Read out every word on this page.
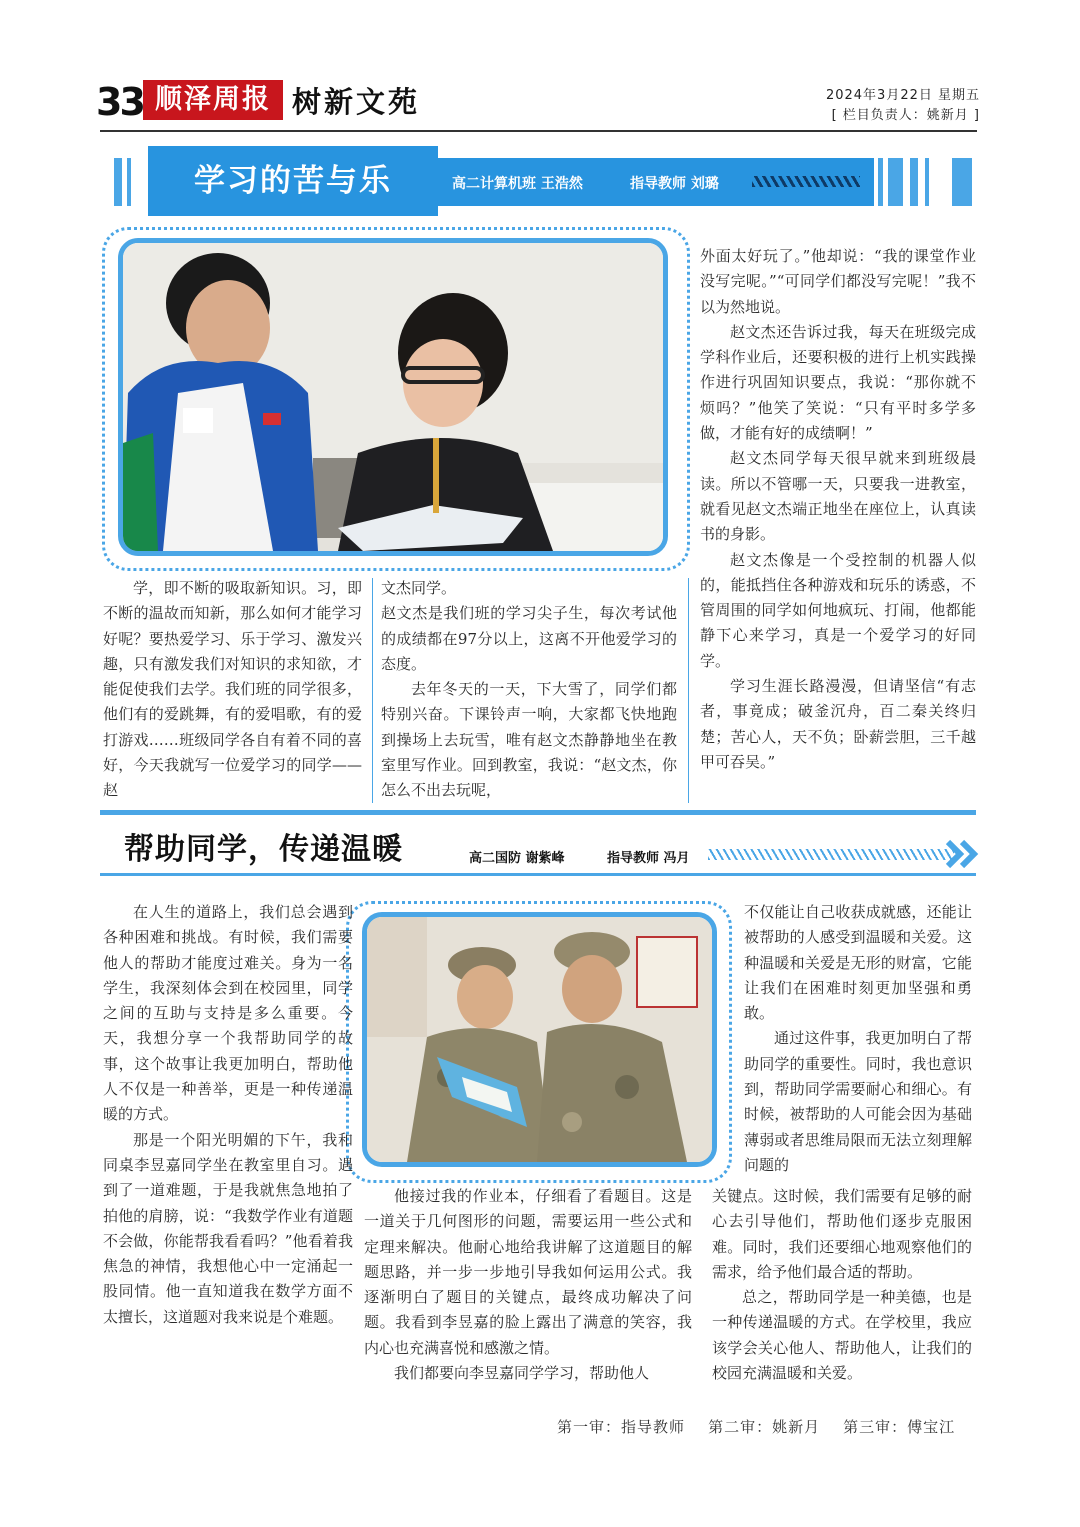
33 顺泽周报 树新文苑	2024年3月22日 星期五
[ 栏目负责人：姚新月 ]
学习的苦与乐	高二计算机班 王浩然	指导教师 刘璐

学，即不断的吸取新知识。习，即不断的温故而知新，那么如何才能学习好呢？要热爱学习、乐于学习、激发兴趣，只有激发我们对知识的求知欲，才能促使我们去学。我们班的同学很多，他们有的爱跳舞，有的爱唱歌，有的爱打游戏……班级同学各自有着不同的喜好，今天我就写一位爱学习的同学——赵

文杰同学。

赵文杰是我们班的学习尖子生，每次考试他的成绩都在97分以上，这离不开他爱学习的态度。

去年冬天的一天，下大雪了，同学们都特别兴奋。下课铃声一响，大家都飞快地跑到操场上去玩雪，唯有赵文杰静静地坐在教室里写作业。回到教室，我说：“赵文杰，你怎么不出去玩呢，

外面太好玩了。”他却说：“我的课堂作业没写完呢。”“可同学们都没写完呢！”我不以为然地说。

赵文杰还告诉过我，每天在班级完成学科作业后，还要积极的进行上机实践操作进行巩固知识要点，我说：“那你就不烦吗？”他笑了笑说：“只有平时多学多做，才能有好的成绩啊！”

赵文杰同学每天很早就来到班级晨读。所以不管哪一天，只要我一进教室，就看见赵文杰端正地坐在座位上，认真读书的身影。

赵文杰像是一个受控制的机器人似的，能抵挡住各种游戏和玩乐的诱惑，不管周围的同学如何地疯玩、打闹，他都能静下心来学习，真是一个爱学习的好同学。

学习生涯长路漫漫，但请坚信“有志者，事竟成；破釜沉舟，百二秦关终归楚；苦心人，天不负；卧薪尝胆，三千越甲可吞吴。”

帮助同学，传递温暖	高二国防 谢紫峰	指导教师 冯月

在人生的道路上，我们总会遇到各种困难和挑战。有时候，我们需要他人的帮助才能度过难关。身为一名学生，我深刻体会到在校园里，同学之间的互助与支持是多么重要。今天，我想分享一个我帮助同学的故事，这个故事让我更加明白，帮助他人不仅是一种善举，更是一种传递温暖的方式。

那是一个阳光明媚的下午，我和同桌李昱嘉同学坐在教室里自习。遇到了一道难题，于是我就焦急地拍了拍他的肩膀，说：“我数学作业有道题不会做，你能帮我看看吗？”他看着我焦急的神情，我想他心中一定涌起一股同情。他一直知道我在数学方面不太擅长，这道题对我来说是个难题。

他接过我的作业本，仔细看了看题目。这是一道关于几何图形的问题，需要运用一些公式和定理来解决。他耐心地给我讲解了这道题目的解题思路，并一步一步地引导我如何运用公式。我逐渐明白了题目的关键点，最终成功解决了问题。我看到李昱嘉的脸上露出了满意的笑容，我内心也充满喜悦和感激之情。

我们都要向李昱嘉同学学习，帮助他人

不仅能让自己收获成就感，还能让被帮助的人感受到温暖和关爱。这种温暖和关爱是无形的财富，它能让我们在困难时刻更加坚强和勇敢。

通过这件事，我更加明白了帮助同学的重要性。同时，我也意识到，帮助同学需要耐心和细心。有时候，被帮助的人可能会因为基础薄弱或者思维局限而无法立刻理解问题的

关键点。这时候，我们需要有足够的耐心去引导他们，帮助他们逐步克服困难。同时，我们还要细心地观察他们的需求，给予他们最合适的帮助。

总之，帮助同学是一种美德，也是一种传递温暖的方式。在学校里，我应该学会关心他人、帮助他人，让我们的校园充满温暖和关爱。

第一审：指导教师    第二审：姚新月    第三审：傅宝江
